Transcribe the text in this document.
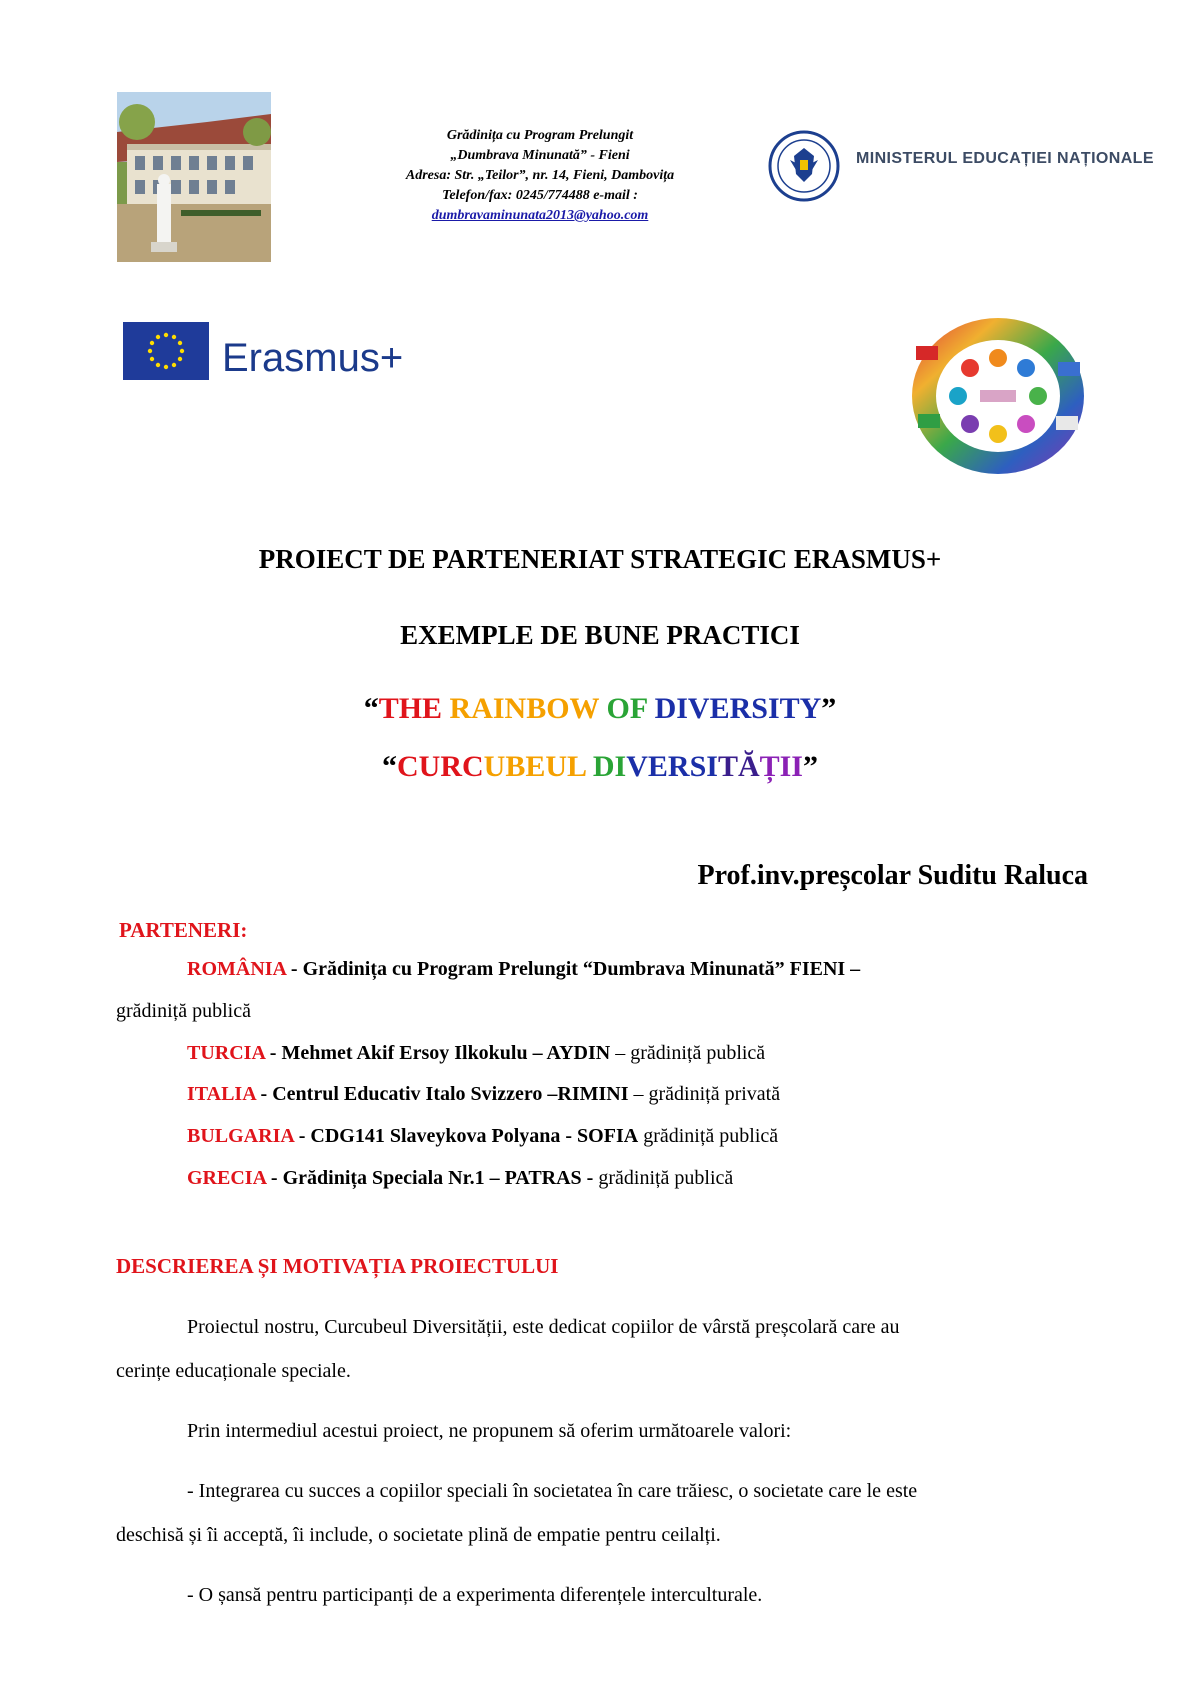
Grădinița cu Program Prelungit
„Dumbrava Minunată” - Fieni
Adresa: Str. „Teilor”, nr. 14, Fieni, Dambovița
Telefon/fax: 0245/774488 e-mail :
dumbravaminunata2013@yahoo.com
MINISTERUL EDUCAȚIEI NAȚIONALE
Erasmus+
PROIECT DE PARTENERIAT STRATEGIC ERASMUS+
EXEMPLE DE BUNE PRACTICI
“THE RAINBOW OF DIVERSITY”
“CURCUBEUL DIVERSITĂȚII”
Prof.inv.preșcolar Suditu Raluca
PARTENERI:
ROMÂNIA - Grădinița cu Program Prelungit “Dumbrava Minunată” FIENI –
grădiniță publică
TURCIA - Mehmet Akif Ersoy Ilkokulu – AYDIN – grădiniță publică
ITALIA - Centrul Educativ Italo Svizzero –RIMINI – grădiniță privată
BULGARIA - CDG141 Slaveykova Polyana - SOFIA grădiniță publică
GRECIA - Grădinița Speciala Nr.1 – PATRAS - grădiniță publică
DESCRIEREA ȘI MOTIVAȚIA PROIECTULUI
Proiectul nostru, Curcubeul Diversității, este dedicat copiilor de vârstă preșcolară care au
cerințe educaționale speciale.
Prin intermediul acestui proiect, ne propunem să oferim următoarele valori:
- Integrarea cu succes a copiilor speciali în societatea în care trăiesc, o societate care le este
deschisă și îi acceptă, îi include, o societate plină de empatie pentru ceilalți.
- O șansă pentru participanți de a experimenta diferențele interculturale.
